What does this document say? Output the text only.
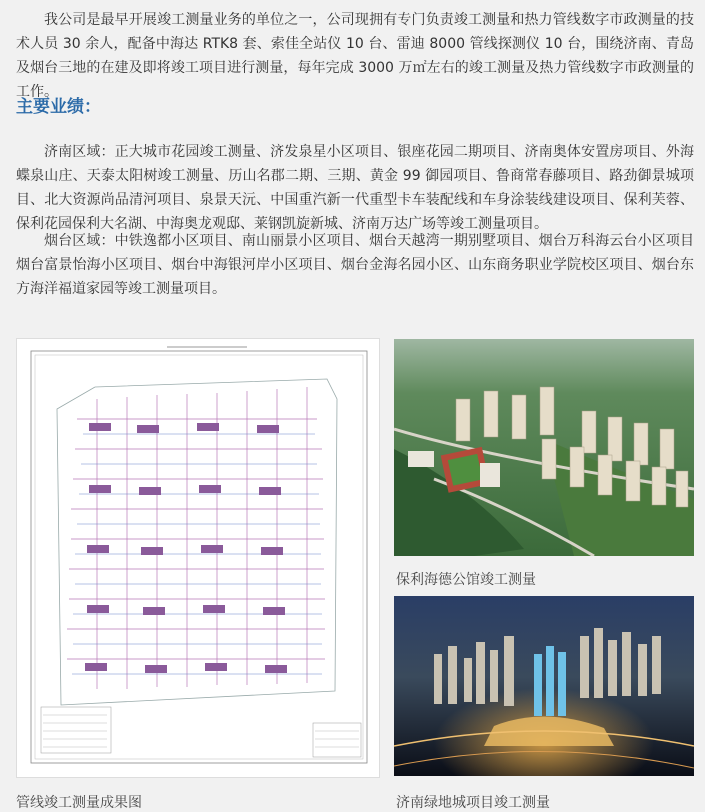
我公司是最早开展竣工测量业务的单位之一，公司现拥有专门负责竣工测量和热力管线数字市政测量的技术人员 30 余人，配备中海达 RTK8 套、索佳全站仪 10 台、雷迪 8000 管线探测仪 10 台，围绕济南、青岛及烟台三地的在建及即将竣工项目进行测量，每年完成 3000 万㎡左右的竣工测量及热力管线数字市政测量的工作。

主要业绩：

济南区域：正大城市花园竣工测量、济发泉星小区项目、银座花园二期项目、济南奥体安置房项目、外海蝶泉山庄、天泰太阳树竣工测量、历山名郡二期、三期、黄金 99 御园项目、鲁商常春藤项目、路劲御景城项目、北大资源尚品清河项目、泉景天沅、中国重汽新一代重型卡车装配线和车身涂装线建设项目、保利芙蓉、保利花园保利大名湖、中海奥龙观邸、莱钢凯旋新城、济南万达广场等竣工测量项目。

烟台区域：中铁逸都小区项目、南山丽景小区项目、烟台天越湾一期别墅项目、烟台万科海云台小区项目烟台富景怡海小区项目、烟台中海银河岸小区项目、烟台金海名园小区、山东商务职业学院校区项目、烟台东方海洋福道家园等竣工测量项目。

保利海德公馆竣工测量

管线竣工测量成果图	济南绿地城项目竣工测量
